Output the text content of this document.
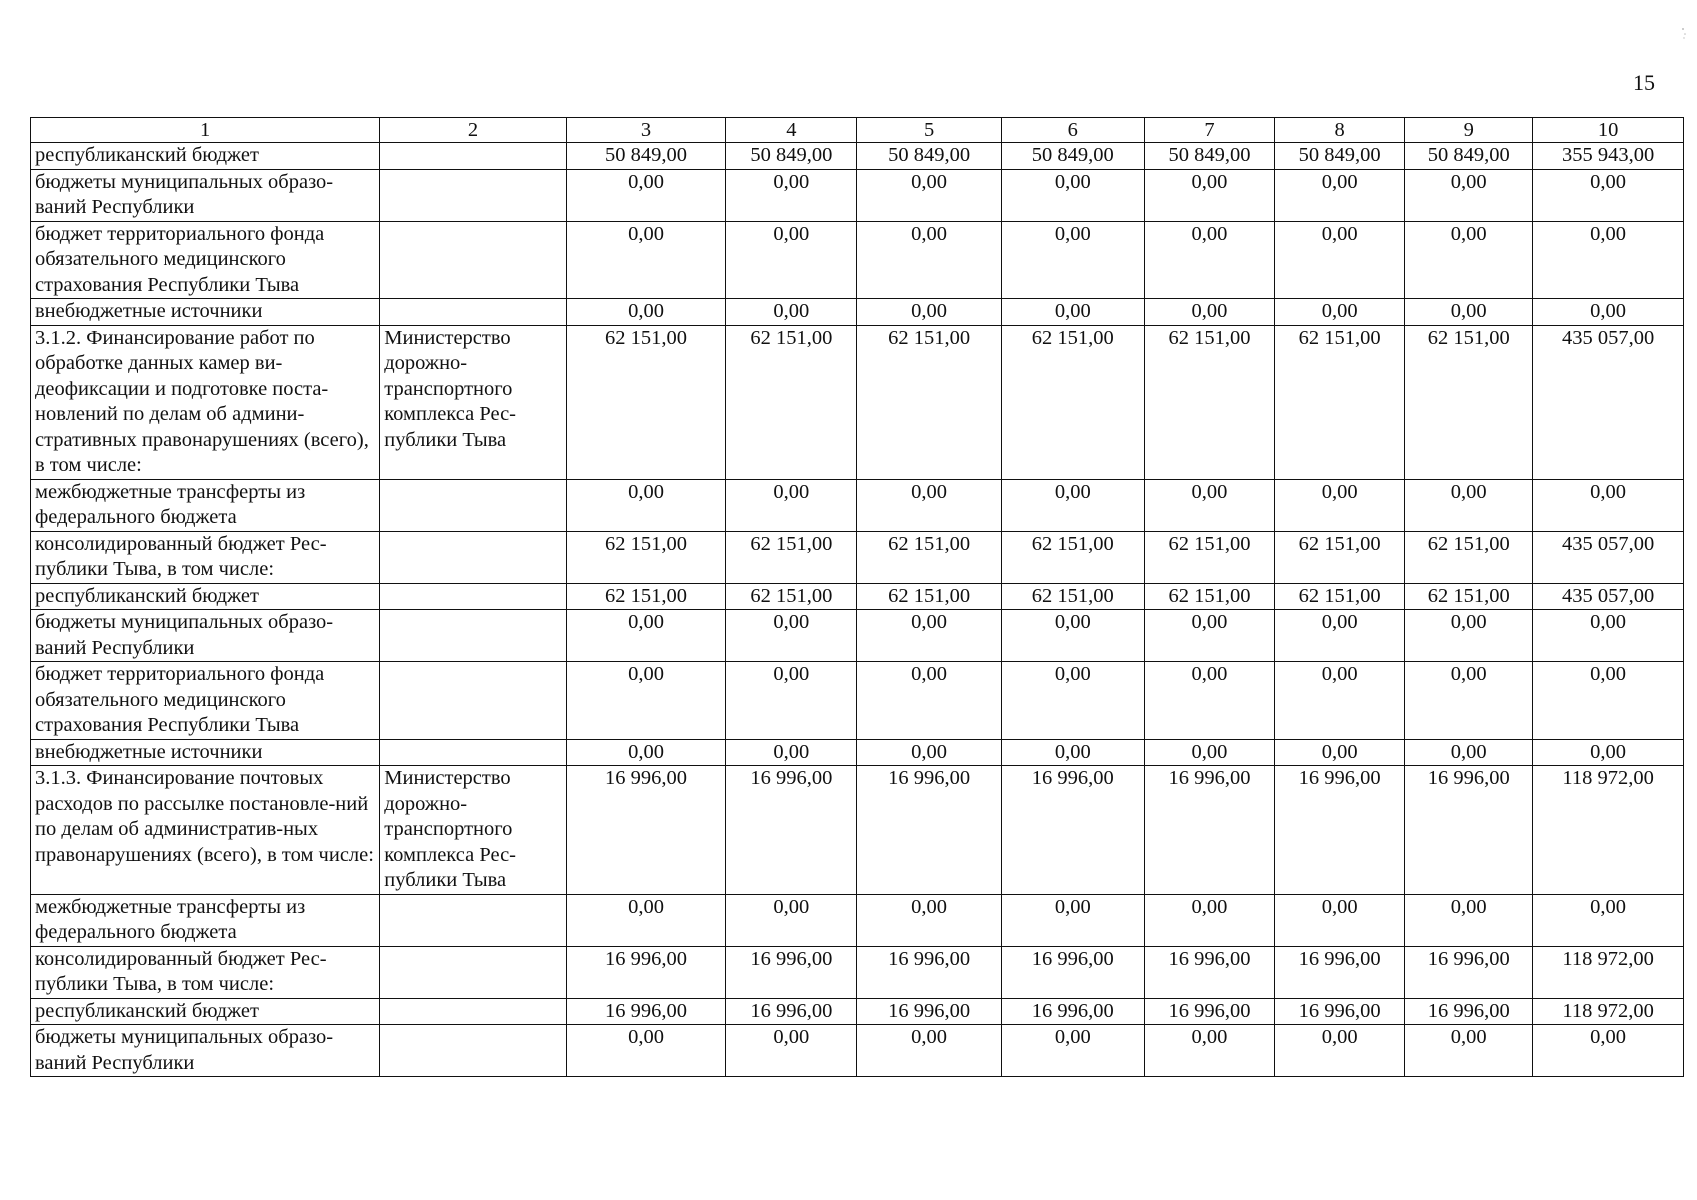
15
1	2	3	4	5	6	7	8	9	10
республиканский бюджет		50 849,00	50 849,00	50 849,00	50 849,00	50 849,00	50 849,00	50 849,00	355 943,00
бюджеты муниципальных образо-ваний Республики		0,00	0,00	0,00	0,00	0,00	0,00	0,00	0,00
бюджет территориального фонда обязательного медицинского страхования Республики Тыва		0,00	0,00	0,00	0,00	0,00	0,00	0,00	0,00
внебюджетные источники		0,00	0,00	0,00	0,00	0,00	0,00	0,00	0,00
3.1.2. Финансирование работ по обработке данных камер ви-деофиксации и подготовке поста-новлений по делам об админи-стративных правонарушениях (всего), в том числе:	Министерство дорожно-транспортного комплекса Рес-публики Тыва	62 151,00	62 151,00	62 151,00	62 151,00	62 151,00	62 151,00	62 151,00	435 057,00
межбюджетные трансферты из федерального бюджета		0,00	0,00	0,00	0,00	0,00	0,00	0,00	0,00
консолидированный бюджет Рес-публики Тыва, в том числе:		62 151,00	62 151,00	62 151,00	62 151,00	62 151,00	62 151,00	62 151,00	435 057,00
республиканский бюджет		62 151,00	62 151,00	62 151,00	62 151,00	62 151,00	62 151,00	62 151,00	435 057,00
бюджеты муниципальных образо-ваний Республики		0,00	0,00	0,00	0,00	0,00	0,00	0,00	0,00
бюджет территориального фонда обязательного медицинского страхования Республики Тыва		0,00	0,00	0,00	0,00	0,00	0,00	0,00	0,00
внебюджетные источники		0,00	0,00	0,00	0,00	0,00	0,00	0,00	0,00
3.1.3. Финансирование почтовых расходов по рассылке постановле-ний по делам об административ-ных правонарушениях (всего), в том числе:	Министерство дорожно-транспортного комплекса Рес-публики Тыва	16 996,00	16 996,00	16 996,00	16 996,00	16 996,00	16 996,00	16 996,00	118 972,00
межбюджетные трансферты из федерального бюджета		0,00	0,00	0,00	0,00	0,00	0,00	0,00	0,00
консолидированный бюджет Рес-публики Тыва, в том числе:		16 996,00	16 996,00	16 996,00	16 996,00	16 996,00	16 996,00	16 996,00	118 972,00
республиканский бюджет		16 996,00	16 996,00	16 996,00	16 996,00	16 996,00	16 996,00	16 996,00	118 972,00
бюджеты муниципальных образо-ваний Республики		0,00	0,00	0,00	0,00	0,00	0,00	0,00	0,00
